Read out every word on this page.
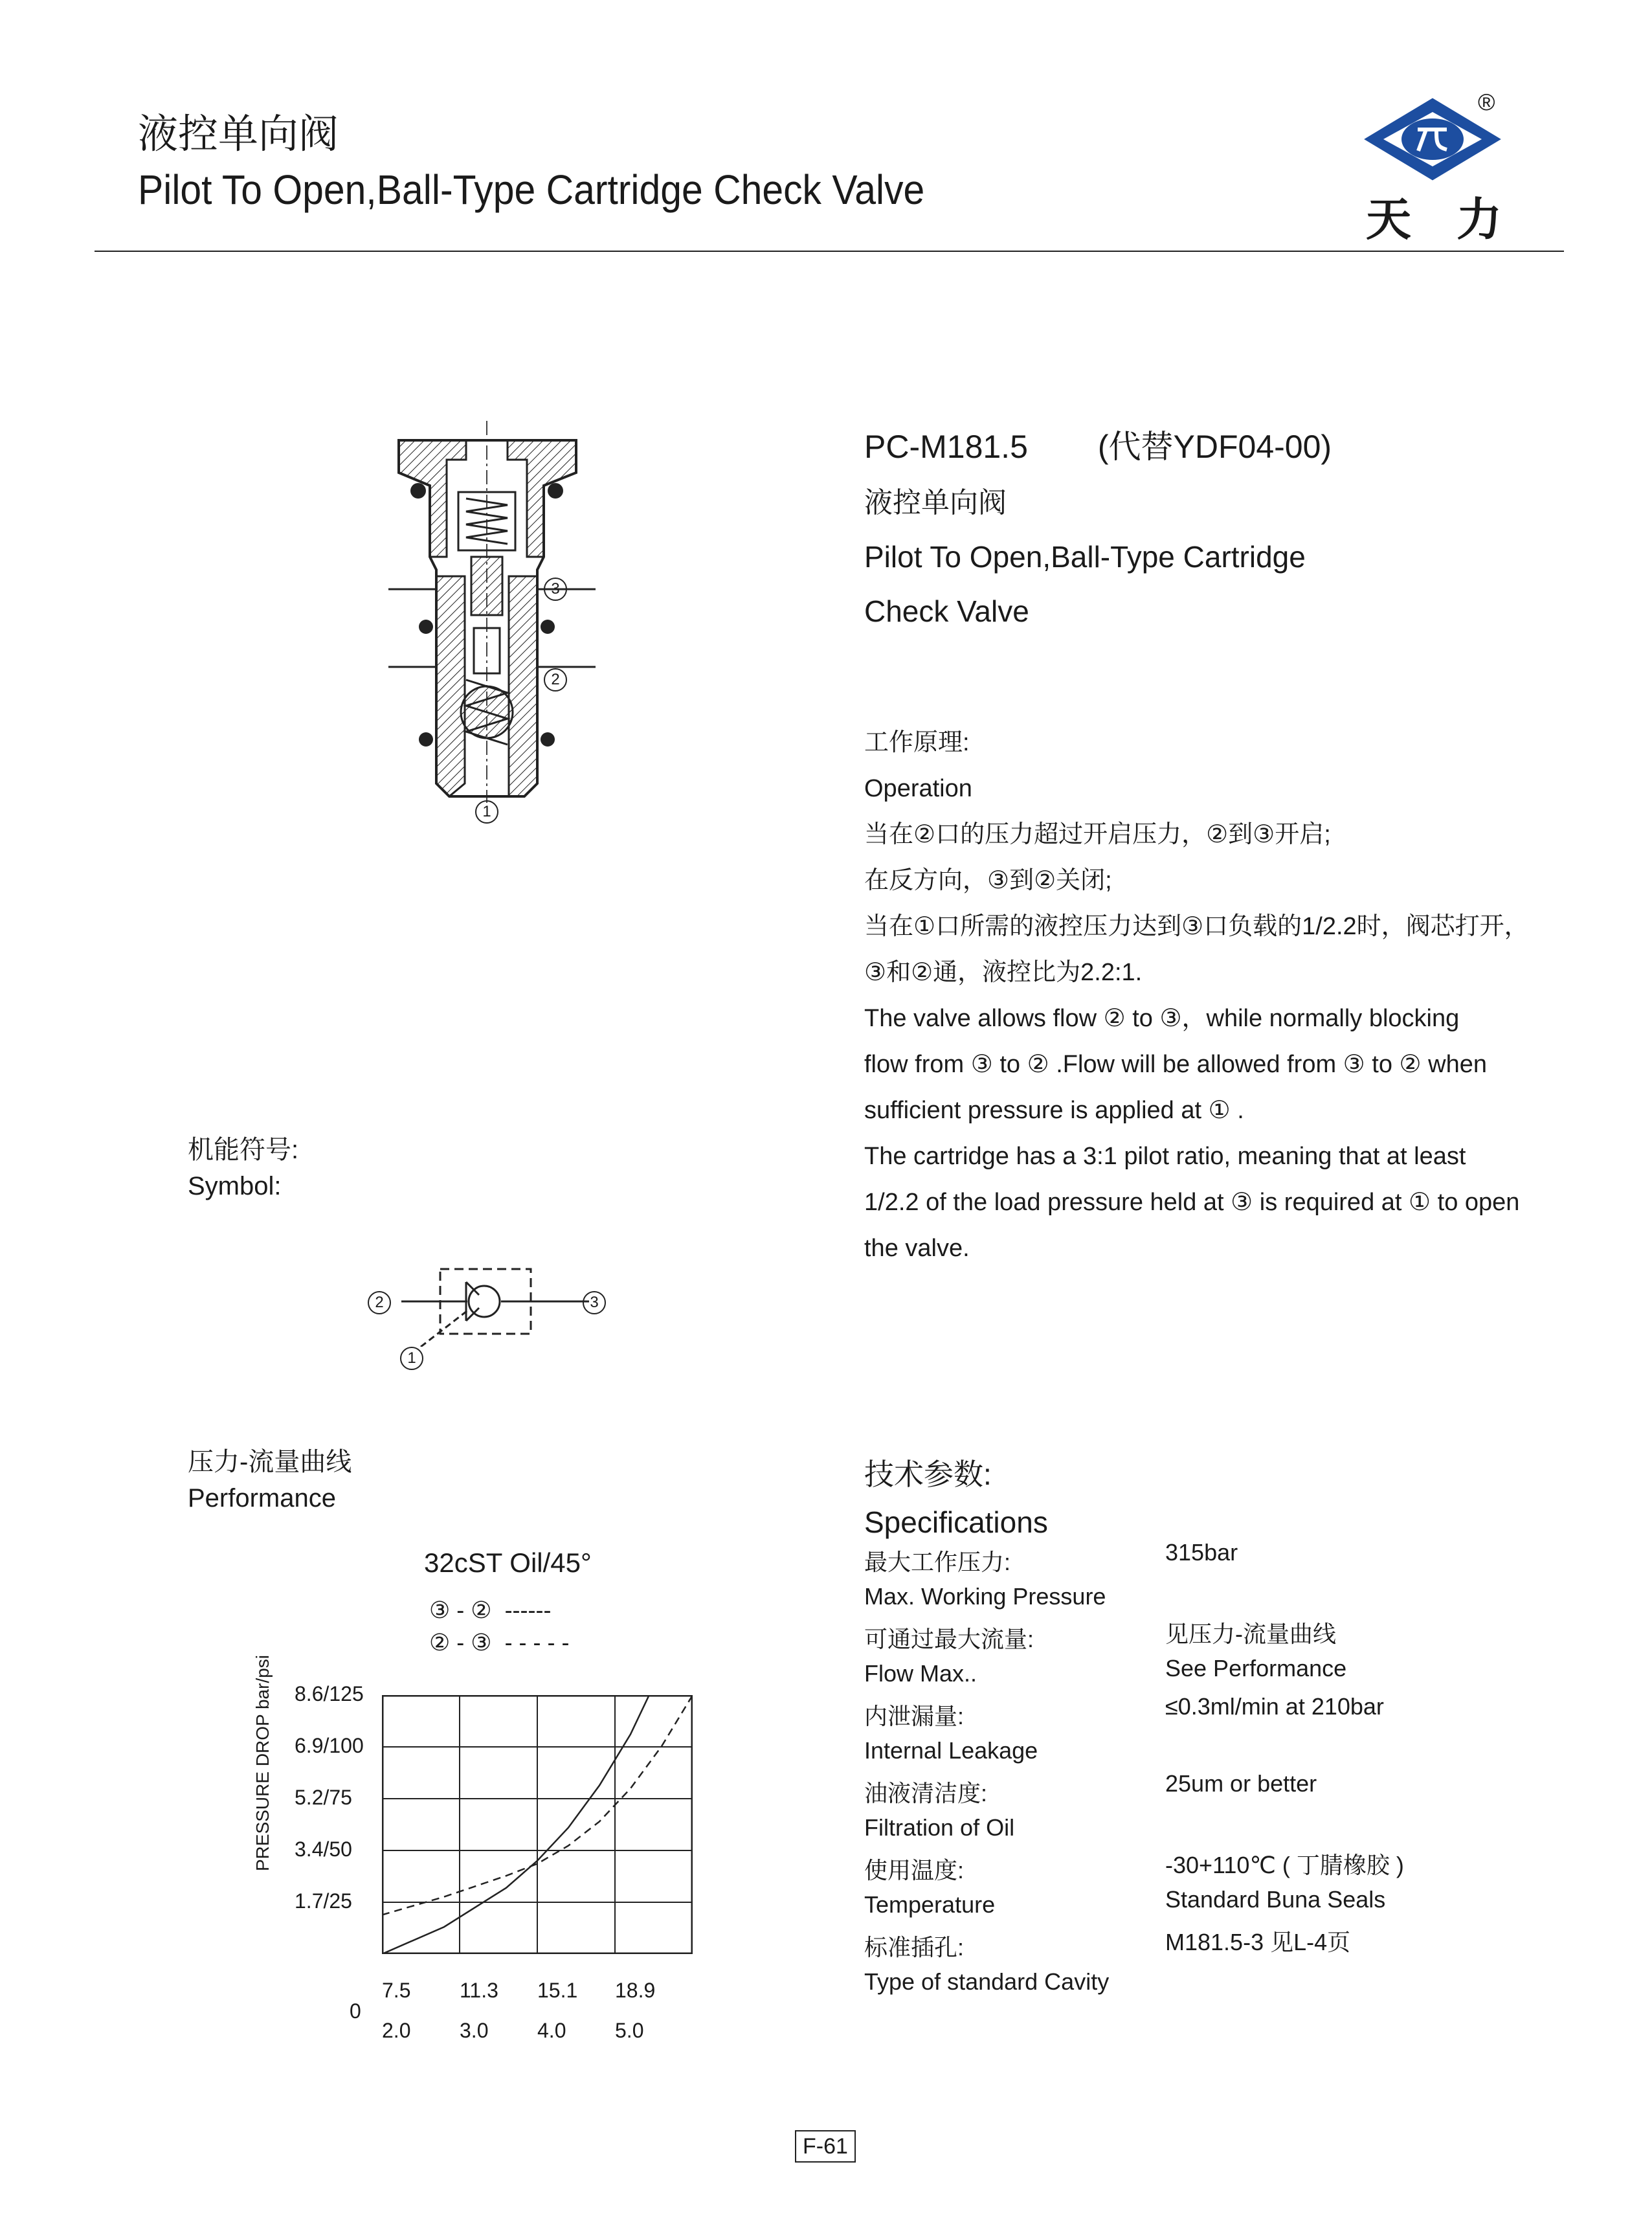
液控单向阀
Pilot To Open,Ball-Type Cartridge Check Valve
®
天力
3
2
1
PC-M181.5 (代替YDF04-00)
液控单向阀
Pilot To Open,Ball-Type Cartridge
Check Valve
工作原理:
Operation
当在②口的压力超过开启压力，②到③开启;
在反方向，③到②关闭;
当在①口所需的液控压力达到③口负载的1/2.2时，阀芯打开，
③和②通，液控比为2.2:1.
The valve allows flow ② to ③，while normally blocking
flow from ③ to ② .Flow will be allowed from ③ to ② when
sufficient pressure is applied at ① .
The cartridge has a 3:1 pilot ratio, meaning that at least
1/2.2 of the load pressure held at ③ is required at ① to open
the valve.
机能符号:
Symbol:
2	3
1
压力-流量曲线
Performance
32cST Oil/45°
③ - ② ------
② - ③ - - - - -
PRESSURE DROP bar/psi 8.6/125
6.9/100
5.2/75
3.4/50
1.7/25
0
7.5 11.3 15.1 18.9
2.0 3.0 4.0 5.0
技术参数:
Specifications
最大工作压力:	315bar
Max. Working Pressure
可通过最大流量:	见压力-流量曲线
Flow Max..	See Performance
内泄漏量:	≤0.3ml/min at 210bar
Internal Leakage
油液清洁度:	25um or better
Filtration of Oil
使用温度:	-30+110℃ ( 丁腈橡胶 )
Temperature	Standard Buna Seals
标准插孔:	M181.5-3 见L-4页
Type of standard Cavity
F-61
